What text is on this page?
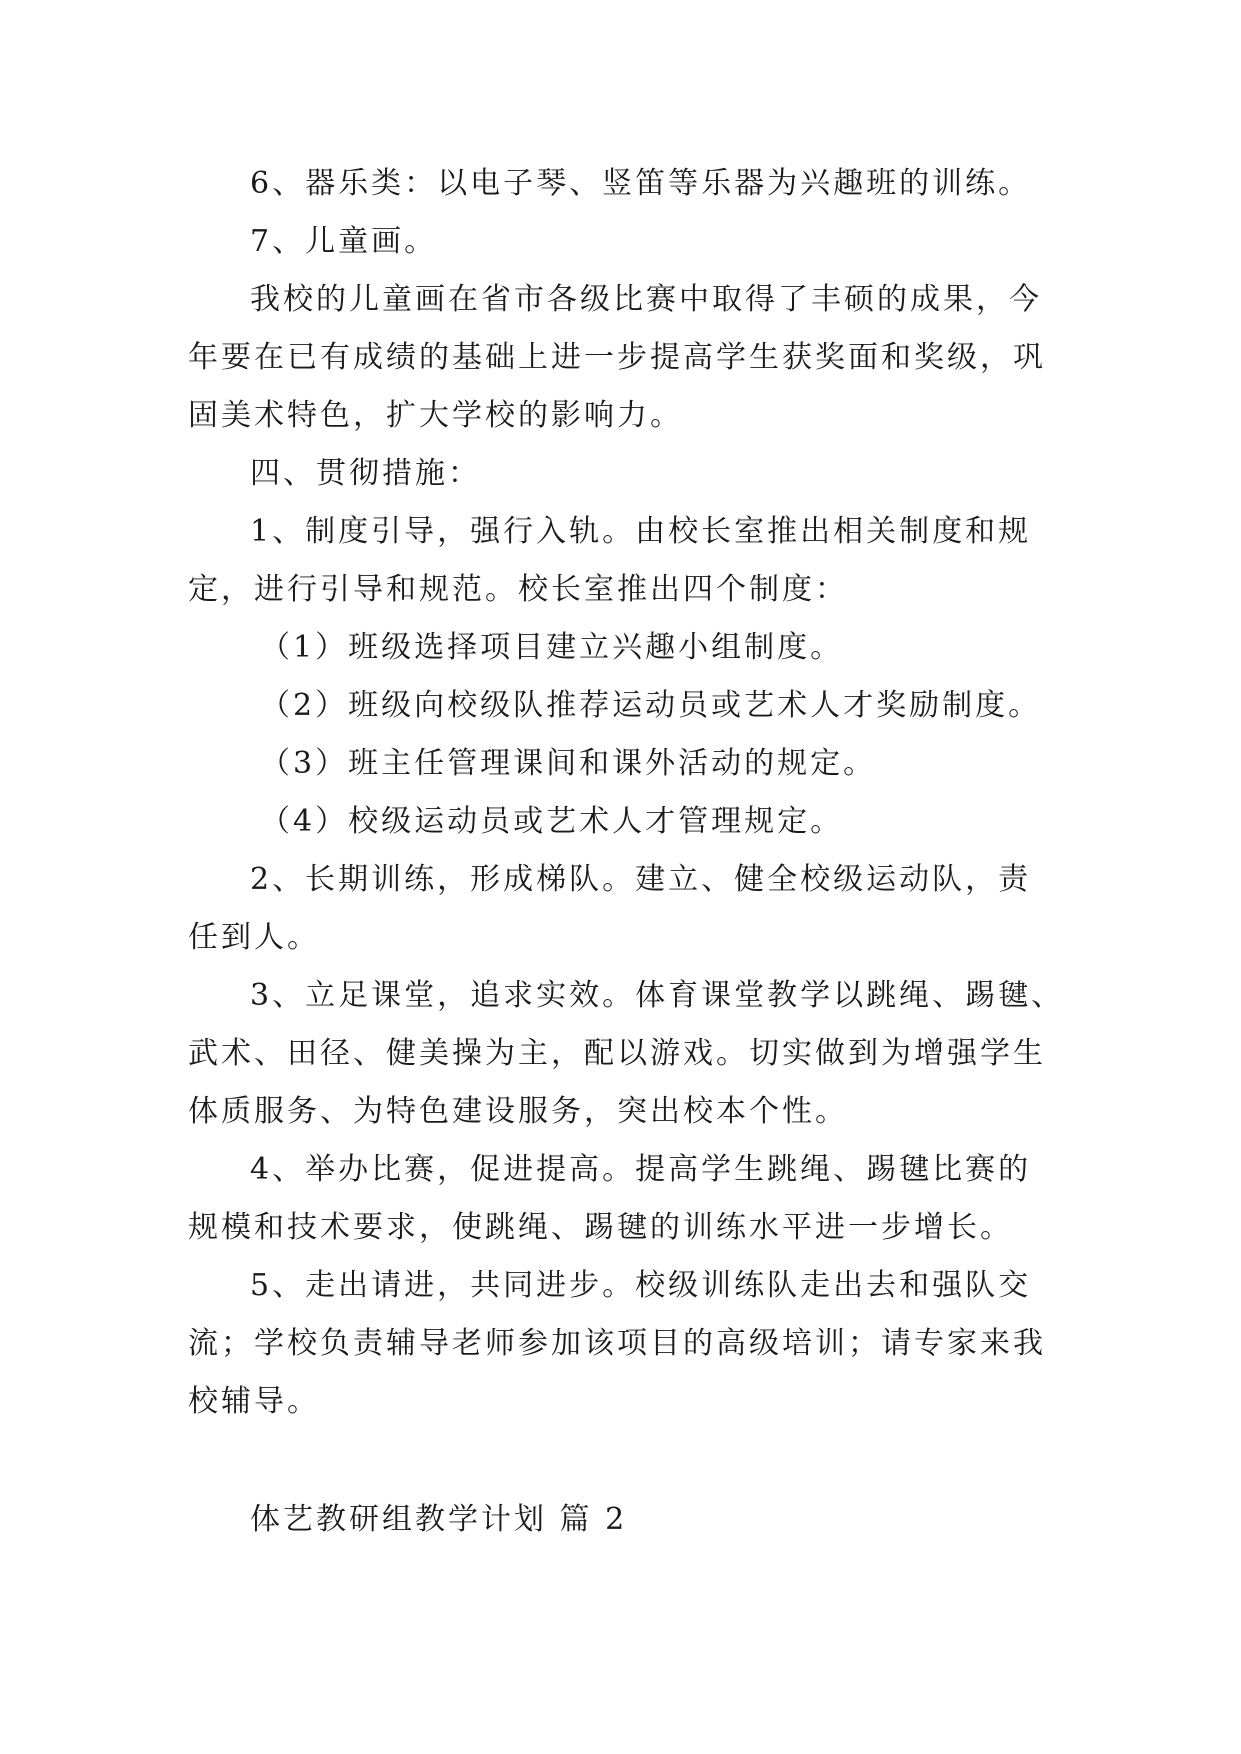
6、器乐类：以电子琴、竖笛等乐器为兴趣班的训练。
7、儿童画。
我校的儿童画在省市各级比赛中取得了丰硕的成果，今
年要在已有成绩的基础上进一步提高学生获奖面和奖级，巩
固美术特色，扩大学校的影响力。
四、贯彻措施：
1、制度引导，强行入轨。由校长室推出相关制度和规
定，进行引导和规范。校长室推出四个制度：
（1）班级选择项目建立兴趣小组制度。
（2）班级向校级队推荐运动员或艺术人才奖励制度。
（3）班主任管理课间和课外活动的规定。
（4）校级运动员或艺术人才管理规定。
2、长期训练，形成梯队。建立、健全校级运动队，责
任到人。
3、立足课堂，追求实效。体育课堂教学以跳绳、踢毽、
武术、田径、健美操为主，配以游戏。切实做到为增强学生
体质服务、为特色建设服务，突出校本个性。
4、举办比赛，促进提高。提高学生跳绳、踢毽比赛的
规模和技术要求，使跳绳、踢毽的训练水平进一步增长。
5、走出请进，共同进步。校级训练队走出去和强队交
流；学校负责辅导老师参加该项目的高级培训；请专家来我
校辅导。
体艺教研组教学计划 篇 2
